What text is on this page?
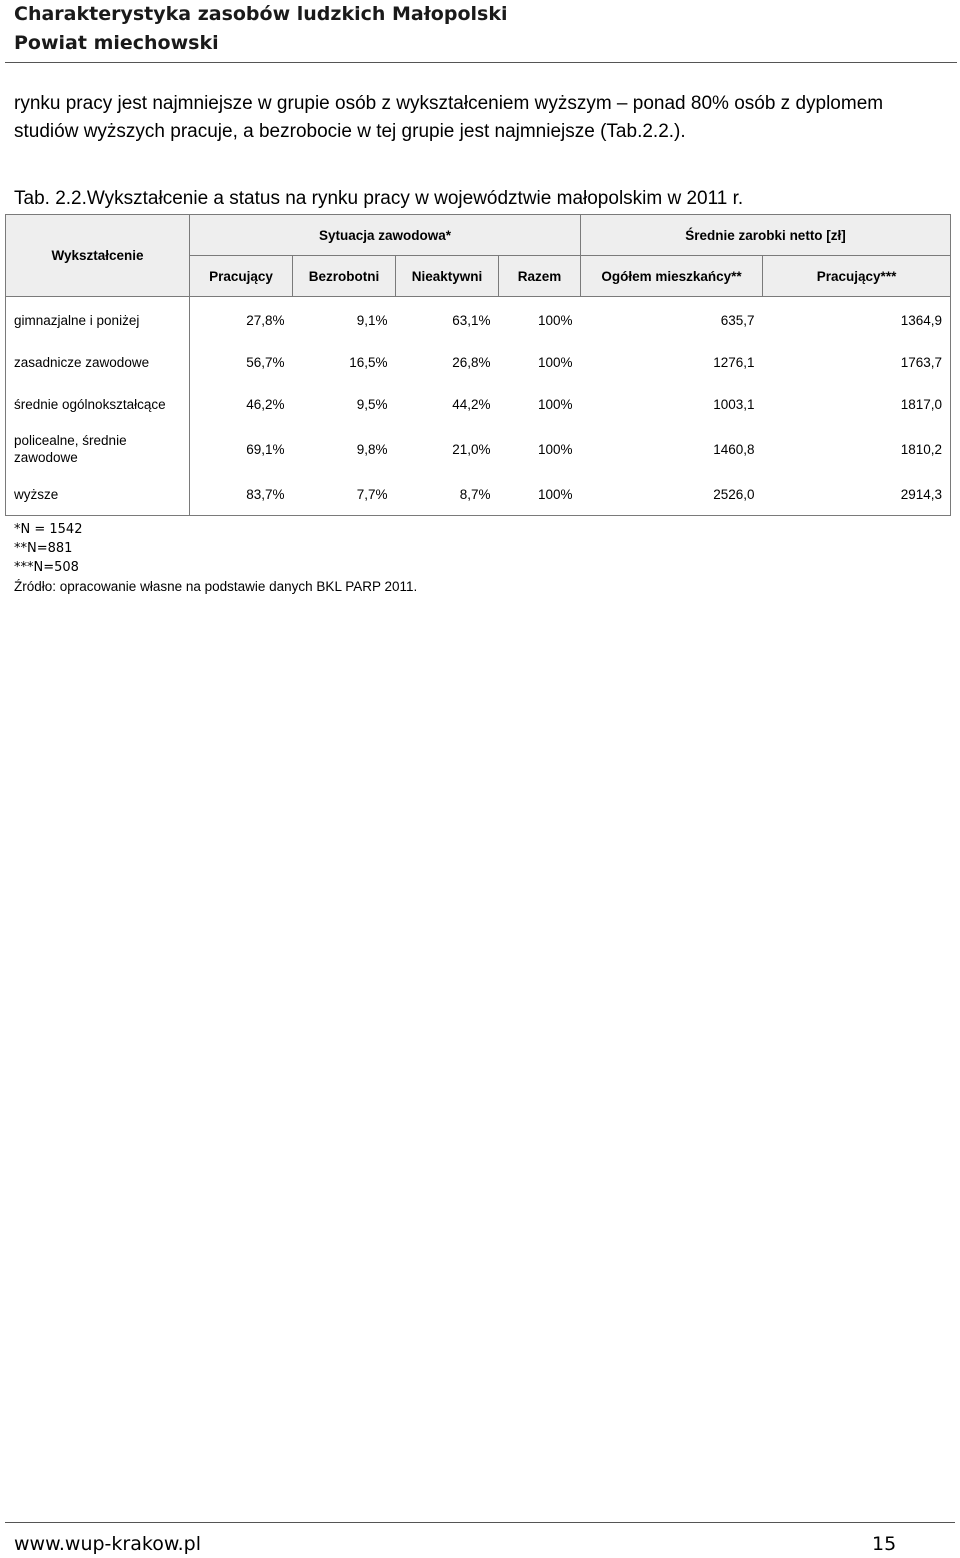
Charakterystyka zasobów ludzkich Małopolski
Powiat miechowski
rynku pracy jest najmniejsze w grupie osób z wykształceniem wyższym – ponad 80% osób z dyplomem
studiów wyższych pracuje, a bezrobocie w tej grupie jest najmniejsze (Tab.2.2.).
Tab. 2.2.Wykształcenie a status na rynku pracy w województwie małopolskim w 2011 r.
Wykształcenie	Sytuacja zawodowa*				Średnie zarobki netto [zł]	
	Pracujący	Bezrobotni	Nieaktywni	Razem	Ogółem mieszkańcy**	Pracujący***

gimnazjalne i poniżej	27,8%	9,1%	63,1%	100%	635,7	1364,9
zasadnicze zawodowe	56,7%	16,5%	26,8%	100%	1276,1	1763,7
średnie ogólnokształcące	46,2%	9,5%	44,2%	100%	1003,1	1817,0

policealne, średnie zawodowe	69,1%	9,8%	21,0%	100%	1460,8	1810,2
wyższe	83,7%	7,7%	8,7%	100%	2526,0	2914,3
*N = 1542
**N=881
***N=508
Źródło: opracowanie własne na podstawie danych BKL PARP 2011.
www.wup-krakow.pl	15
